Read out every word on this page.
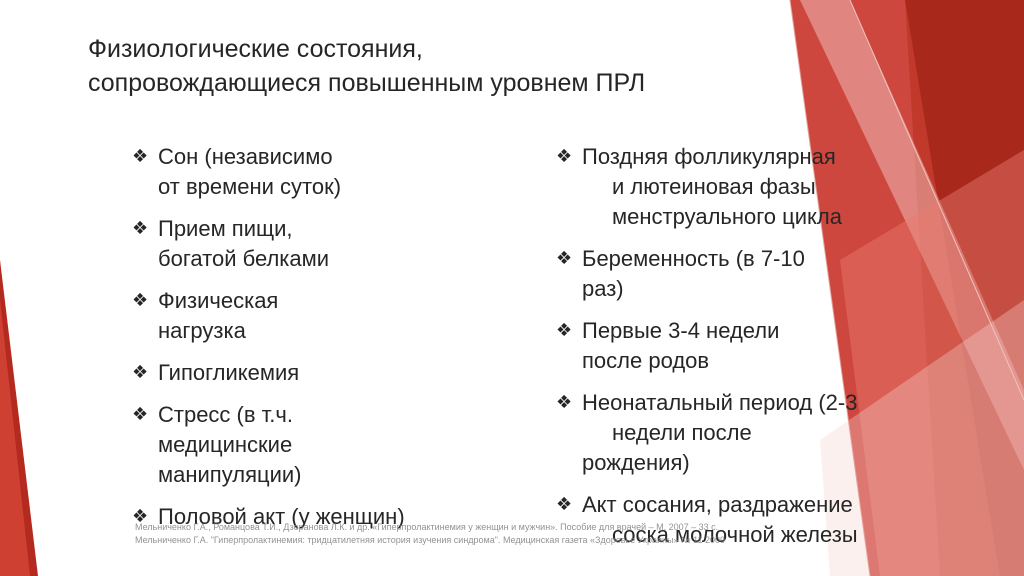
Физиологические состояния,
сопровождающиеся повышенным уровнем ПРЛ
❖ Сон (независимо
от времени суток)
❖ Прием пищи,
богатой белками
❖ Физическая
нагрузка
❖ Гипогликемия
❖ Стресс (в т.ч.
медицинские
манипуляции)
❖ Половой акт (у женщин)
❖ Поздняя фолликулярная
и лютеиновая фазы
менструального цикла
❖ Беременность (в 7-10
раз)
❖ Первые 3-4 недели
после родов
❖ Неонатальный период (2-3
недели после
рождения)
❖ Акт сосания, раздражение
соска молочной железы
Мельниченко Г.А., Романцова Т.И., Дзеранова Л.К. и др. «Гиперпролактинемия у женщин и мужчин». Пособие для врачей – М. 2007 – 33 с.
Мельниченко Г.А. "Гиперпролактинемия: тридцатилетняя история изучения синдрома". Медицинская газета «Здоровье Украины» № 11 2009
